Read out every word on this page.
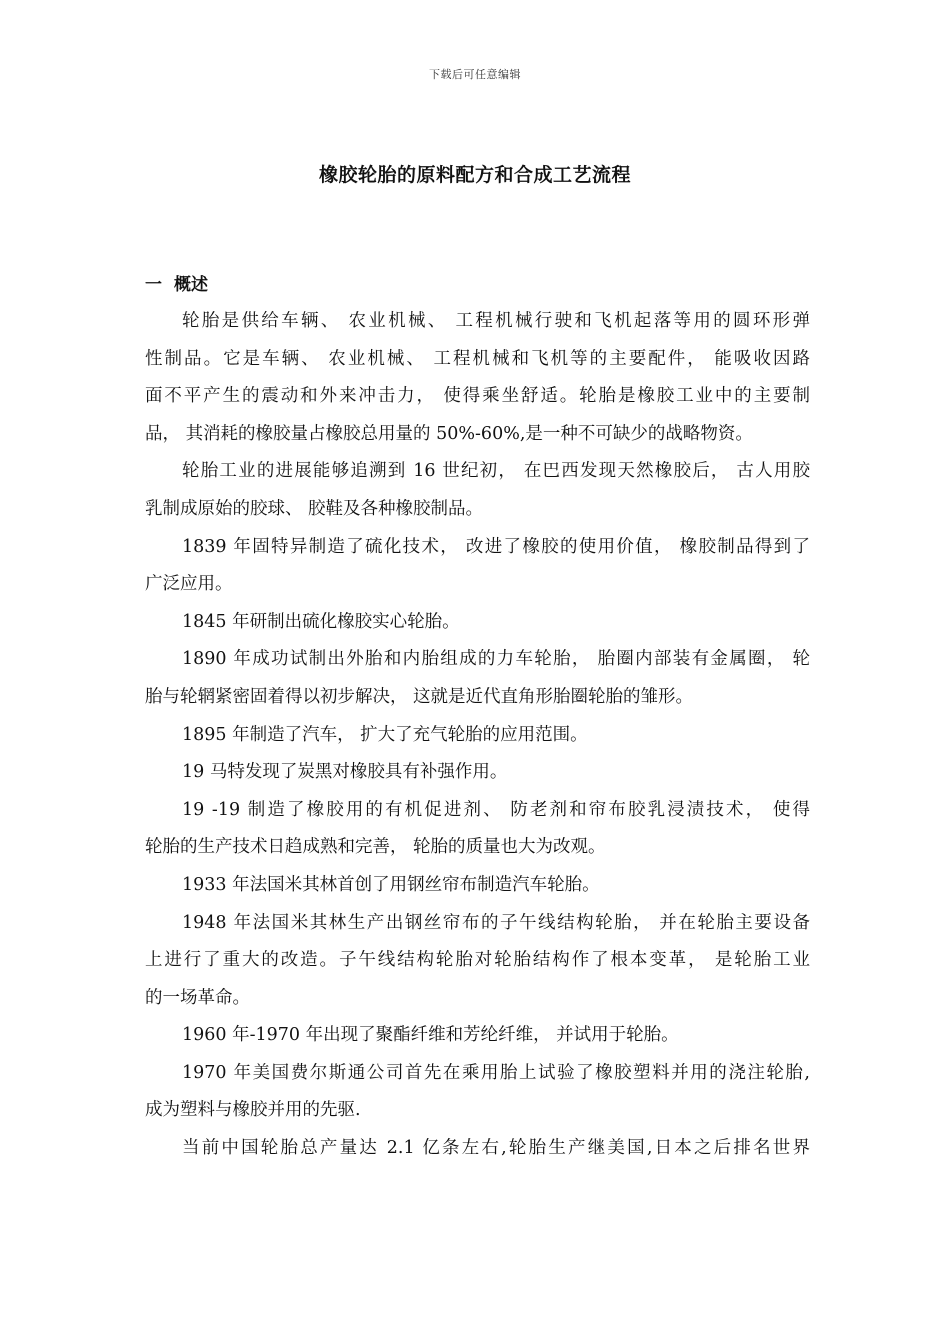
下载后可任意编辑
橡胶轮胎的原料配方和合成工艺流程
一 概述
轮胎是供给车辆、 农业机械、 工程机械行驶和飞机起落等用的圆环形弹
性制品。它是车辆、 农业机械、 工程机械和飞机等的主要配件， 能吸收因路
面不平产生的震动和外来冲击力， 使得乘坐舒适。轮胎是橡胶工业中的主要制
品， 其消耗的橡胶量占橡胶总用量的 50%-60%,是一种不可缺少的战略物资。
轮胎工业的进展能够追溯到 16 世纪初， 在巴西发现天然橡胶后， 古人用胶
乳制成原始的胶球、 胶鞋及各种橡胶制品。
1839 年固特异制造了硫化技术， 改进了橡胶的使用价值， 橡胶制品得到了
广泛应用。
1845 年研制出硫化橡胶实心轮胎。
1890 年成功试制出外胎和内胎组成的力车轮胎， 胎圈内部装有金属圈， 轮
胎与轮辋紧密固着得以初步解决， 这就是近代直角形胎圈轮胎的雏形。
1895 年制造了汽车， 扩大了充气轮胎的应用范围。
19 马特发现了炭黑对橡胶具有补强作用。
19 -19 制造了橡胶用的有机促进剂、 防老剂和帘布胶乳浸渍技术， 使得
轮胎的生产技术日趋成熟和完善， 轮胎的质量也大为改观。
1933 年法国米其林首创了用钢丝帘布制造汽车轮胎。
1948 年法国米其林生产出钢丝帘布的子午线结构轮胎， 并在轮胎主要设备
上进行了重大的改造。子午线结构轮胎对轮胎结构作了根本变革， 是轮胎工业
的一场革命。
1960 年-1970 年出现了聚酯纤维和芳纶纤维， 并试用于轮胎。
1970 年美国费尔斯通公司首先在乘用胎上试验了橡胶塑料并用的浇注轮胎,
成为塑料与橡胶并用的先驱.
当前中国轮胎总产量达 2.1 亿条左右,轮胎生产继美国,日本之后排名世界
